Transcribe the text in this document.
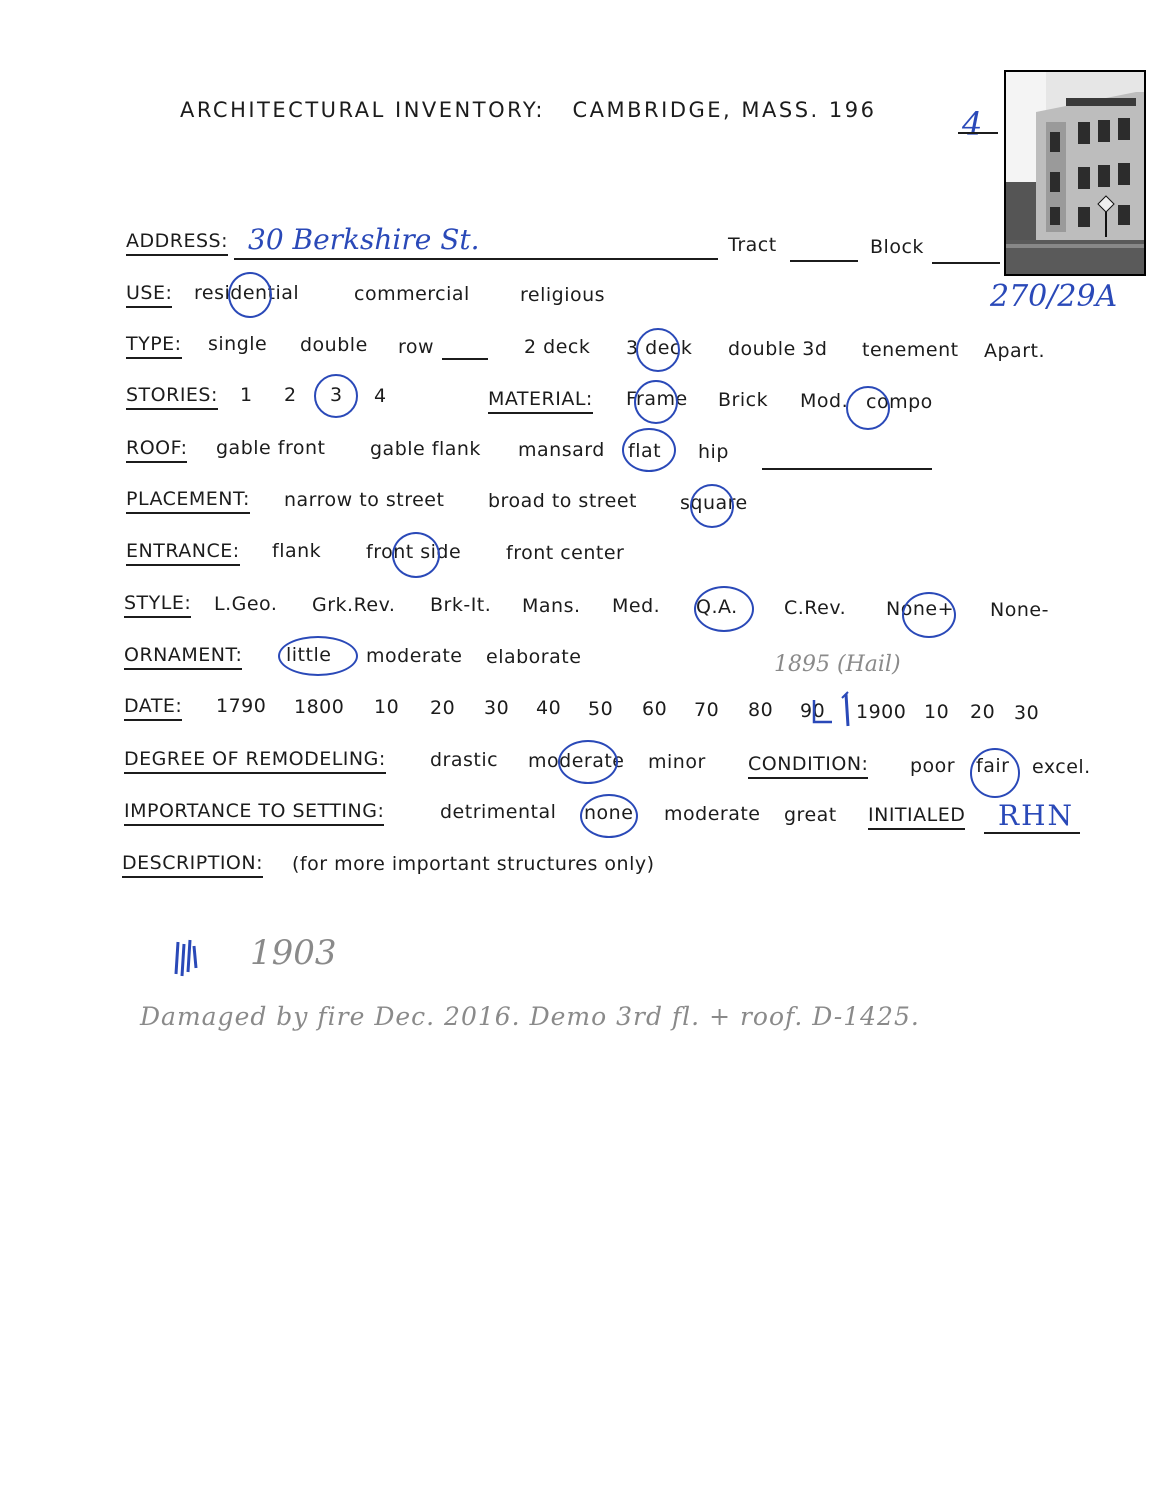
ARCHITECTURAL INVENTORY:   CAMBRIDGE, MASS. 196	4
270/29A
ADDRESS: 30 Berkshire St.	Tract	Block
USE: residential	commercial	religious
TYPE: single double row	2 deck 3 deck double 3d tenement Apart.
STORIES: 1 2 3 4	MATERIAL: Frame Brick Mod. compo
ROOF: gable front gable flank mansard flat hip
PLACEMENT: narrow to street broad to street square
ENTRANCE: flank front side front center
STYLE: L.Geo. Grk.Rev. Brk-It. Mans. Med. Q.A. C.Rev. None+ None-
ORNAMENT: little moderate elaborate	1895 (Hail)
DATE: 1790 1800 10 20 30 40 50 60 70 80 90 1900 10 20 30
DEGREE OF REMODELING: drastic moderate minor CONDITION: poor fair excel.
IMPORTANCE TO SETTING:	detrimental none moderate great INITIALED RHN
DESCRIPTION: (for more important structures only)
1903
Damaged by fire Dec. 2016. Demo 3rd fl. + roof. D-1425.
